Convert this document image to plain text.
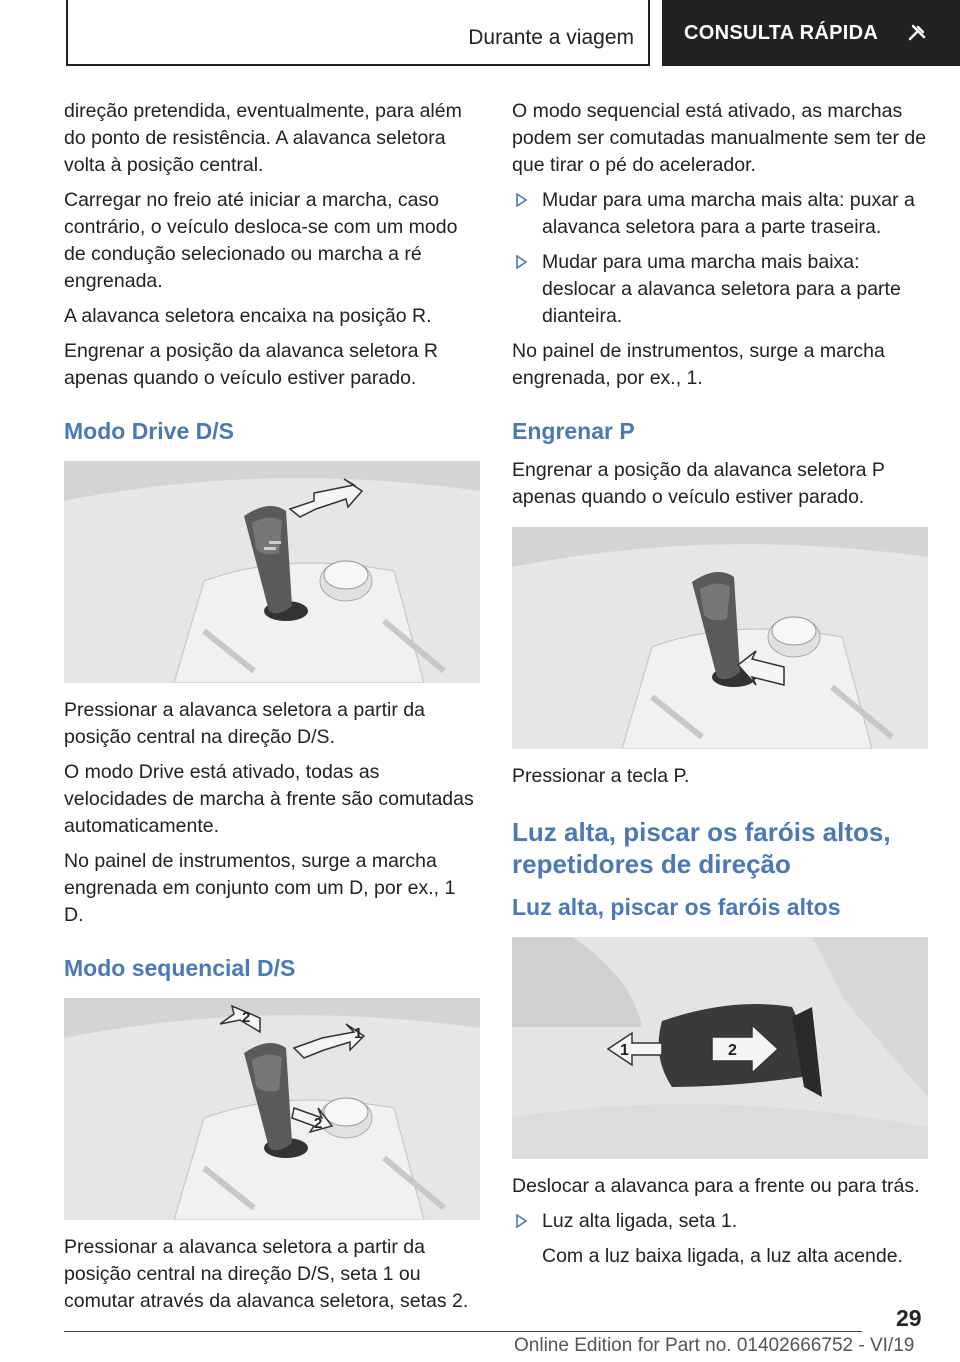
Durante a viagem	CONSULTA RÁPIDA

direção pretendida, eventualmente, para além do ponto de resistência. A alavanca seletora volta à posição central.

Carregar no freio até iniciar a marcha, caso contrário, o veículo desloca-se com um modo de condução selecionado ou marcha a ré engrenada.

A alavanca seletora encaixa na posição R.

Engrenar a posição da alavanca seletora R apenas quando o veículo estiver parado.

Modo Drive D/S

Pressionar a alavanca seletora a partir da posição central na direção D/S.

O modo Drive está ativado, todas as velocidades de marcha à frente são comutadas automaticamente.

No painel de instrumentos, surge a marcha engrenada em conjunto com um D, por ex., 1 D.

Modo sequencial D/S
2
1
2

Pressionar a alavanca seletora a partir da posição central na direção D/S, seta 1 ou comutar através da alavanca seletora, setas 2.

O modo sequencial está ativado, as marchas podem ser comutadas manualmente sem ter de que tirar o pé do acelerador.

Mudar para uma marcha mais alta: puxar a alavanca seletora para a parte traseira.
Mudar para uma marcha mais baixa: deslocar a alavanca seletora para a parte dianteira.

No painel de instrumentos, surge a marcha engrenada, por ex., 1.

Engrenar P

Engrenar a posição da alavanca seletora P apenas quando o veículo estiver parado.

Pressionar a tecla P.

Luz alta, piscar os faróis altos, repetidores de direção
Luz alta, piscar os faróis altos
1	2

Deslocar a alavanca para a frente ou para trás.

Luz alta ligada, seta 1.

Com a luz baixa ligada, a luz alta acende.

29
Online Edition for Part no. 01402666752 - VI/19
